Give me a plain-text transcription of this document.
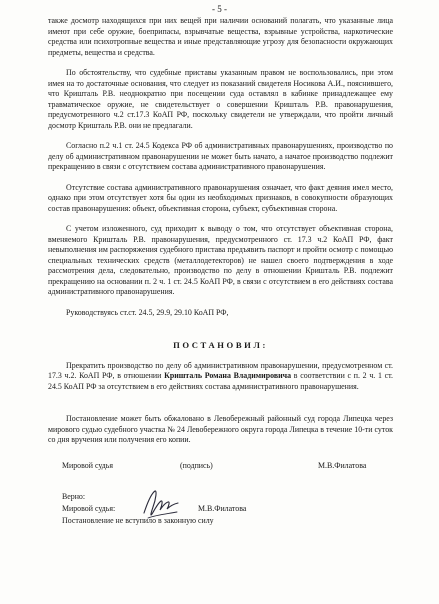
- 5 -

также досмотр находящихся при них вещей при наличии оснований полагать, что указанные лица имеют при себе оружие, боеприпасы, взрывчатые вещества, взрывные устройства, наркотические средства или психотропные вещества и иные представляющие угрозу для безопасности окружающих предметы, вещества и средства.

По обстоятельству, что судебные приставы указанным правом не воспользовались, при этом имея на то достаточные основания, что следует из показаний свидетеля Носикова А.И., пояснившего, что Кришталь Р.В. неоднократно при посещении суда оставлял в кабинке принадлежащее ему травматическое оружие, не свидетельствует о совершении Кришталь Р.В. правонарушения, предусмотренного ч.2 ст.17.3 КоАП РФ, поскольку свидетели не утверждали, что пройти личный досмотр Кришталь Р.В. они не предлагали.

Согласно п.2 ч.1 ст. 24.5 Кодекса РФ об административных правонарушениях, производство по делу об административном правонарушении не может быть начато, а начатое производство подлежит прекращению в связи с отсутствием состава административного правонарушения.

Отсутствие состава административного правонарушения означает, что факт деяния имел место, однако при этом отсутствует хотя бы один из необходимых признаков, в совокупности образующих состав правонарушения: объект, объективная сторона, субъект, субъективная сторона.

С учетом изложенного, суд приходит к выводу о том, что отсутствует объективная сторона, вменяемого Кришталь Р.В. правонарушения, предусмотренного ст. 17.3 ч.2 КоАП РФ, факт невыполнения им распоряжения судебного пристава предъявить паспорт и пройти осмотр с помощью специальных технических средств (металлодетекторов) не нашел своего подтверждения в ходе рассмотрения дела, следовательно, производство по делу в отношении Кришталь Р.В. подлежит прекращению на основании п. 2 ч. 1 ст. 24.5 КоАП РФ, в связи с отсутствием в его действиях состава административного правонарушения.

Руководствуясь ст.ст. 24.5, 29.9, 29.10 КоАП РФ,

ПОСТАНОВИЛ:

Прекратить производство по делу об административном правонарушении, предусмотренном ст. 17.3 ч.2. КоАП РФ, в отношении Кришталь Романа Владимировича в соответствии с п. 2 ч. 1 ст. 24.5 КоАП РФ за отсутствием в его действиях состава административного правонарушения.

Постановление может быть обжаловано в Левобережный районный суд города Липецка через мирового судью судебного участка № 24 Левобережного округа города Липецка в течение 10-ти суток со дня вручения или получения его копии.

Мировой судья	(подпись)	М.В.Филатова
Верно:
Мировой судья:	М.В.Филатова
Постановление не вступило в законную силу
